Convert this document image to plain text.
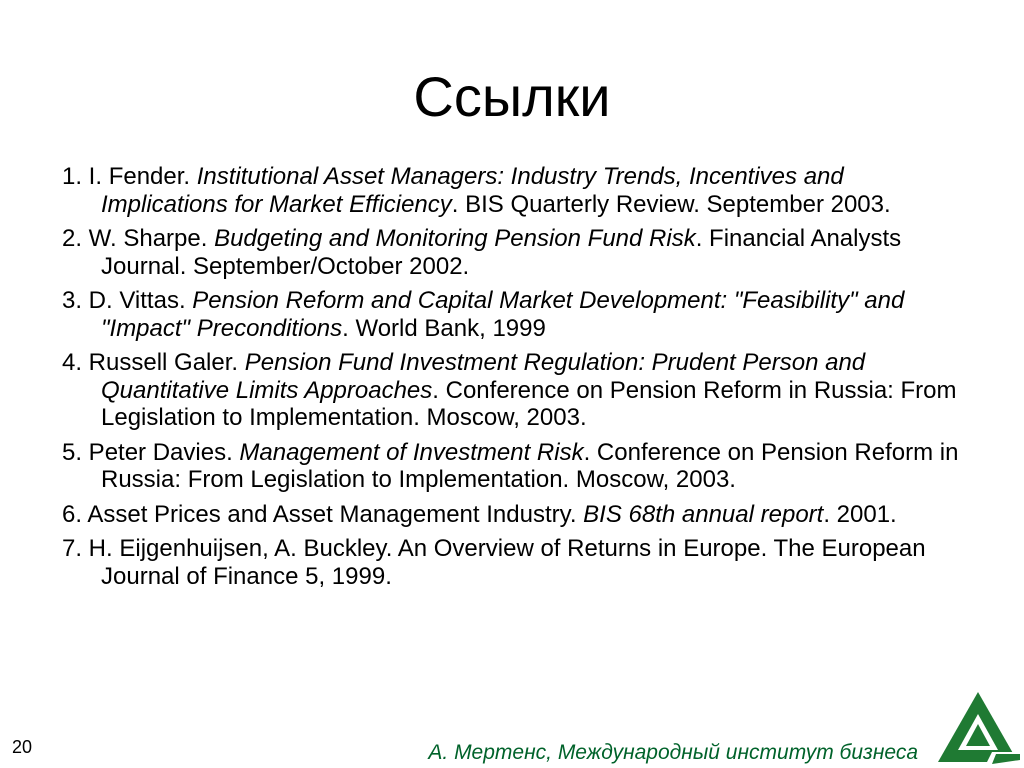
Ссылки
1. I. Fender. Institutional Asset Managers: Industry Trends, Incentives and Implications for Market Efficiency. BIS Quarterly Review. September 2003.
2. W. Sharpe. Budgeting and Monitoring Pension Fund Risk. Financial Analysts Journal. September/October 2002.
3. D. Vittas. Pension Reform and Capital Market Development: "Feasibility" and "Impact" Preconditions. World Bank, 1999
4. Russell Galer. Pension Fund Investment Regulation: Prudent Person and Quantitative Limits Approaches. Conference on Pension Reform in Russia: From Legislation to Implementation. Moscow, 2003.
5. Peter Davies. Management of Investment Risk. Conference on Pension Reform in Russia: From Legislation to Implementation. Moscow, 2003.
6. Asset Prices and Asset Management Industry. BIS 68th annual report. 2001.
7. H. Eijgenhuijsen, A. Buckley. An Overview of Returns in Europe. The European Journal of Finance 5, 1999.
20	А. Мертенс, Международный институт бизнеса
